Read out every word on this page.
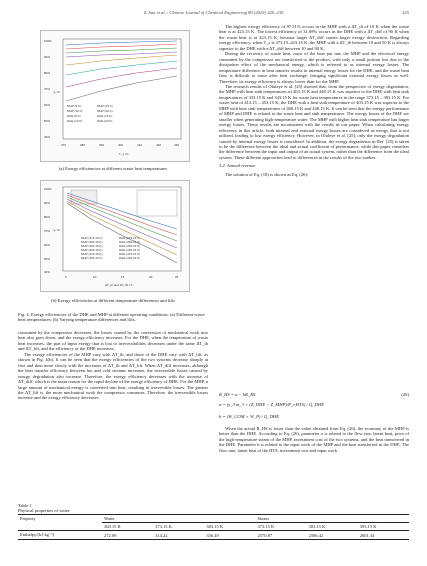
Z. Sun et al. / Chinese Journal of Chemical Engineering 80 (2025) 220–230	225
100%
90%
80%
70%
60%
50%
40%
η / %
370	380	390	400	410	420	430
T_s / K
MHP (5 K)
MHP (10 K)
DHE (5 K)
DHE (10 K)
MHP (15 K)
MHP (20 K)
DHE (15 K)
DHE (20 K)
(a) Exergy efficiencies at different waste heat temperatures
100%
90%
80%
70%
60%
50%
40%
η / %
5	10	15	20	25
ΔT_th and ΔT_lift / K
MHP (373.15 K)
MHP (383.15 K)
MHP (393.15 K)
MHP (403.15 K)
MHP (413.15 K)
MHP (423.15 K)
DHE (373.15 K)
DHE (383.15 K)
DHE (393.15 K)
DHE (403.15 K)
DHE (413.15 K)
DHE (423.15 K)
(b) Exergy efficiencies at different temperature differences and lifts
Fig. 4. Exergy efficiencies of the DHE and MHP at different operating conditions: (a) Different waste heat temperatures; (b) Varying temperature differences and lifts.

consumed by the compressor decreases, the losses caused by the conversion of mechanical work into heat also goes down, and the exergy efficiency increases. For the DHE, when the temperature of waste heat increases, the part of input exergy that is lost to irreversibilities decreases under the same ΔT_th and ΔT_lift, and the efficiency of the DHE increases.

The exergy efficiencies of the MHP vary with ΔT_th, and those of the DHE vary with ΔT_lift, as shown in Fig. 4(b). It can be seen that the exergy efficiencies of the two systems decrease sharply at first and then more slowly with the increases of ΔT_th and ΔT_lift. When ΔT_diff increases, although the heat transfer efficiency between hot and cold streams increases, the irreversible losses caused by exergy degradation also increase. Therefore, the exergy efficiency decreases with the increase of ΔT_diff, which is the main reason for the rapid decline of the exergy efficiency of DHE. For the MHP, a large amount of mechanical energy is converted into heat, resulting in irreversible losses. The greater the ΔT_lift is, the more mechanical work the compressor consumes. Therefore, the irreversible losses increase and the exergy efficiency decreases.

The highest exergy efficiency of 97.51% occurs in the MHP with a ΔT_th of 10 K when the waste heat is at 423.15 K. The lowest efficiency of 31.69% occurs in the DHE with a ΔT_diff of 90 K when the waste heat is at 423.15 K, because larger ΔT_diff causes larger exergy destruction. Regarding exergy efficiency, when T_s is 373.15–423.15 K, the MHP with a ΔT_th between 10 and 50 K is always superior to the DHE with a ΔT_diff between 10 and 90 K.

During the recovery of waste heat, most of the heat put into the MHP and the electrical energy consumed by the compressor are transferred to the product, with only a small portion lost due to the dissipation effect of the mechanical energy, which is referred to as internal exergy losses. The temperature difference in heat transfer results in internal energy losses for the DHE, and the waste heat flow is difficult to reuse after heat exchange, bringing significant external exergy losses as well. Therefore, its exergy efficiency is always lower than for the MHP.

The research results of Oluleye et al. [25] showed that, from the perspective of exergy degradation, the MHP with heat sink temperatures of 403.15 K and 448.15 K was superior to the DHE with heat sink temperatures of 333.15 K and 343.15 K for waste heat temperatures in the range 373.15 – 393.15 K. For waste heat of 413.15 – 453.15 K, the DHE with a heat sink temperature of 403.15 K was superior to the MHP with heat sink temperatures of 468.15 K and 448.15 K. It can be seen that the energy performance of MHP and DHE is related to the waste heat and sink temperatures. The exergy losses of the DHE are smaller when generating high-temperature water. The MHP with higher heat sink temperature has larger exergy losses. These results are inconsistent with the results in our paper. When calculating exergy efficiency in this article, both internal and external exergy losses are considered as exergy that is not utilized, leading to low exergy efficiency. However, in Oluleye et al. [25], only the exergy degradation caused by internal exergy losses is considered. In addition, the exergy degradation in Ref. [25] is taken to be the difference between the ideal and actual coefficient of performance, while this paper considers the difference between the input and output of an actual system, rather than the difference from the ideal system. These different approaches lead to differences in the results of the two studies.

3.2. Annual revenue

The solution of Eq. (18) is shown as Eq. (26):

R_HS = a − bR_RS	(26)
a = (y_3·m_3 + (Z_DHE − Z_MHP)/P_r,HTS) / Q_DHE
b = (W_COM + W_P) / Q_DHE

When the actual R_HS is lower than the value obtained from Eq. (26), the economy of the MHP is better than the DHE. According to Eq. (26), parameter a is related to the flow rate, latent heat, price of the high-temperature steam of the MHP, investment cost of the two systems, and the heat transferred in the DHE. Parameter b is related to the input work of the MHP and the heat transferred in the DHE. The flow rate, latent heat of the HTS, investment cost and input work

Table 1
Physical properties of water.
Property	Water			Steam		
	360.15 K	373.15 K	383.15 K	373.15 K	383.15 K	393.15 K
Enthalpy/(kJ·kg⁻¹)	272.09	314.22	356.49	2570.87	2586.42	2601.34
